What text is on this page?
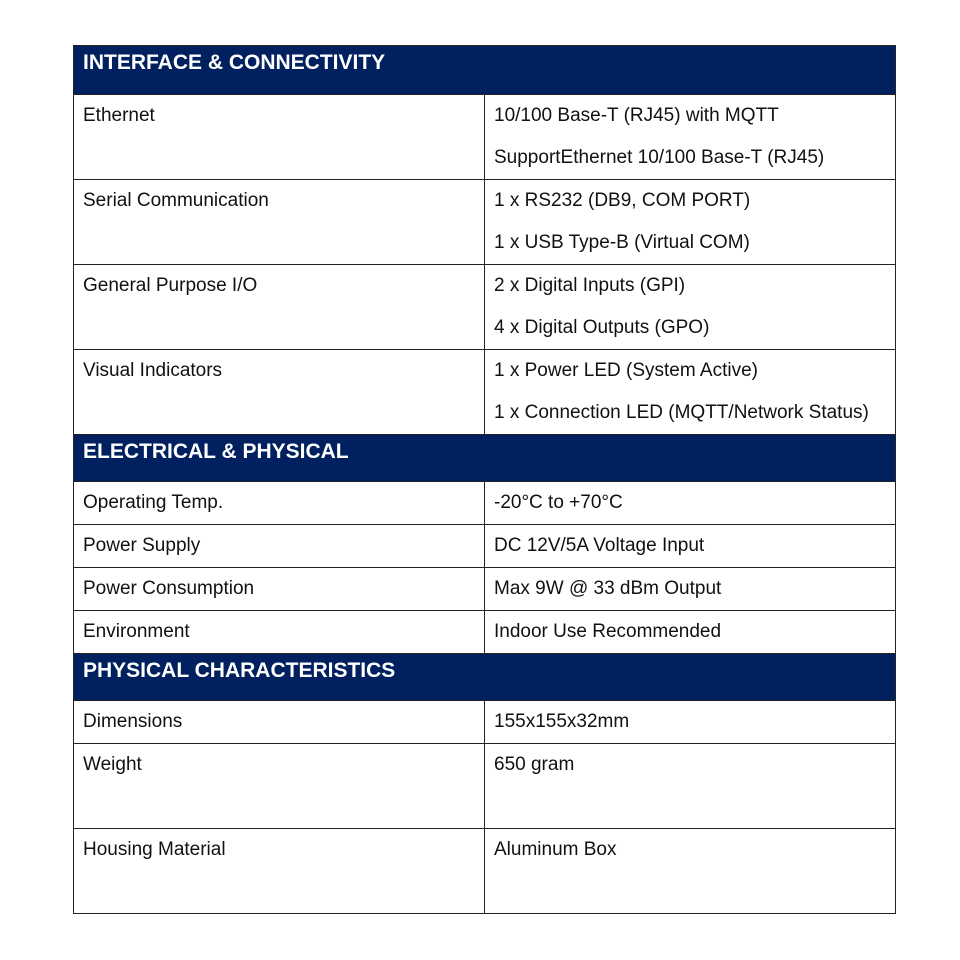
INTERFACE & CONNECTIVITY	
Ethernet	10/100 Base-T (RJ45) with MQTT
SupportEthernet 10/100 Base-T (RJ45)

Serial Communication	1 x RS232 (DB9, COM PORT)
1 x USB Type-B (Virtual COM)

General Purpose I/O	2 x Digital Inputs (GPI)
4 x Digital Outputs (GPO)

Visual Indicators	1 x Power LED (System Active)
1 x Connection LED (MQTT/Network Status)

ELECTRICAL & PHYSICAL	
Operating Temp.	-20°C to +70°C
Power Supply	DC 12V/5A Voltage Input
Power Consumption	Max 9W @ 33 dBm Output
Environment	Indoor Use Recommended
PHYSICAL CHARACTERISTICS	
Dimensions	155x155x32mm
Weight	650 gram
Housing Material	Aluminum Box
